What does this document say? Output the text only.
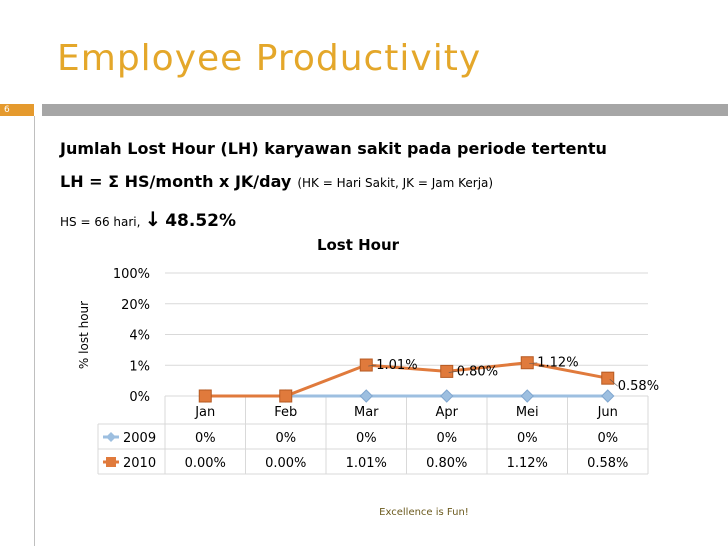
Employee Productivity
6
Jumlah Lost Hour (LH) karyawan sakit pada periode tertentu
LH = Σ HS/month x JK/day (HK = Hari Sakit, JK = Jam Kerja)
HS = 66 hari, ↓ 48.52%
Lost Hour
% lost hour
0%
1%
4%
20%
100%
Jan	Feb	Mar	Apr	Mei	Jun
2009	0%	0%	0%	0%	0%	0%
1.01%	0.80%
1.12%
0.58%
2010 0.00%	0.00%	1.01%	0.80%	1.12%	0.58%
Excellence is Fun!
